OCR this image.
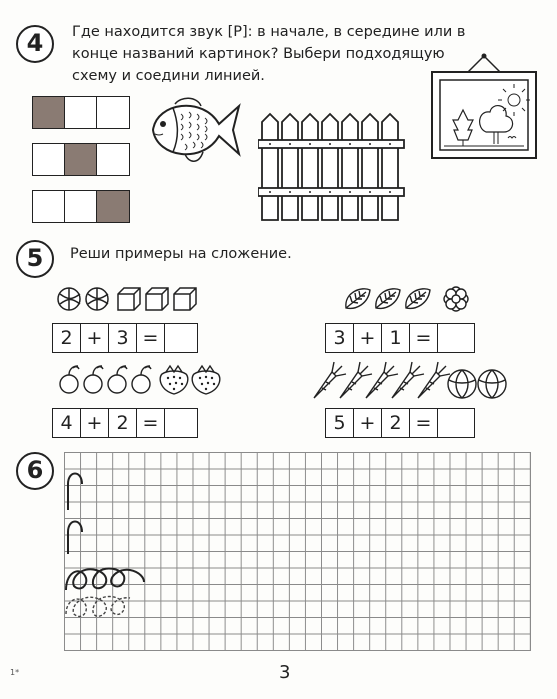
4	Где находится звук [Р]: в начале, в середине или в
конце названий картинок? Выбери подходящую
схему и соедини линией.
5	Реши примеры на сложение.
2 + 3 =	3 + 1 =
4 + 2 =	5 + 2 =
6
3
1*
